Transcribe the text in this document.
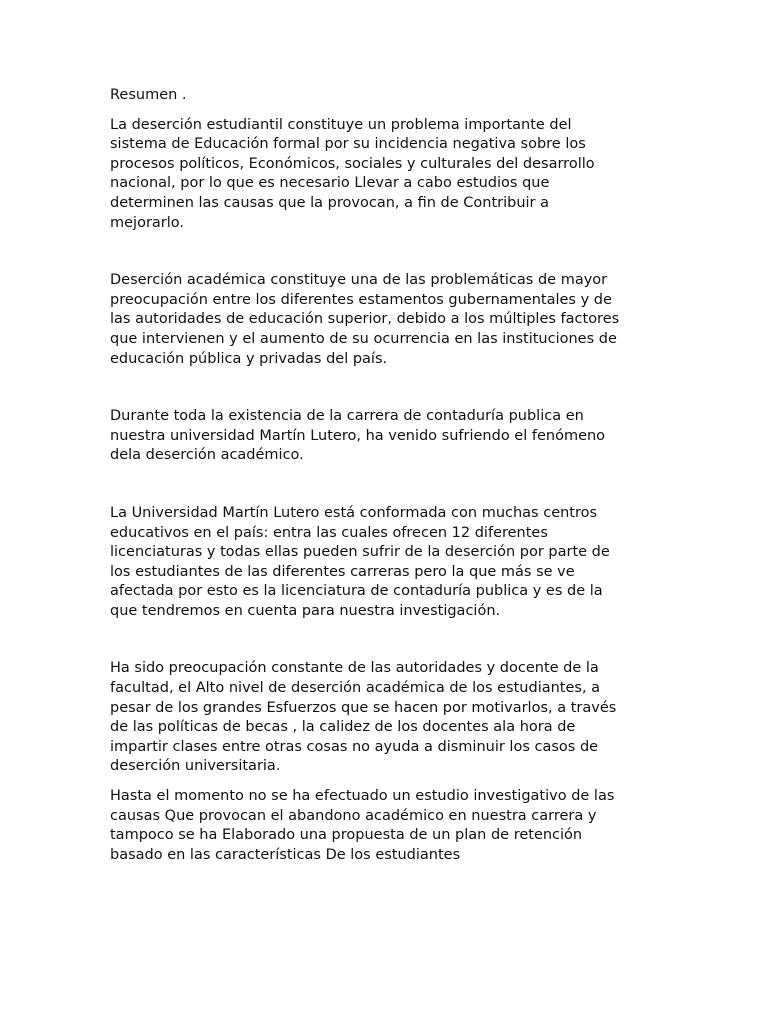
Resumen .

La deserción estudiantil constituye un problema importante del
sistema de Educación formal por su incidencia negativa sobre los
procesos políticos, Económicos, sociales y culturales del desarrollo
nacional, por lo que es necesario Llevar a cabo estudios que
determinen las causas que la provocan, a fin de Contribuir a
mejorarlo.

Deserción académica constituye una de las problemáticas de mayor
preocupación entre los diferentes estamentos gubernamentales y de
las autoridades de educación superior, debido a los múltiples factores
que intervienen y el aumento de su ocurrencia en las instituciones de
educación pública y privadas del país.

Durante toda la existencia de la carrera de contaduría publica en
nuestra universidad Martín Lutero, ha venido sufriendo el fenómeno
dela deserción académico.

La Universidad Martín Lutero está conformada con muchas centros
educativos en el país: entra las cuales ofrecen 12 diferentes
licenciaturas y todas ellas pueden sufrir de la deserción por parte de
los estudiantes de las diferentes carreras pero la que más se ve
afectada por esto es la licenciatura de contaduría publica y es de la
que tendremos en cuenta para nuestra investigación.

Ha sido preocupación constante de las autoridades y docente de la
facultad, el Alto nivel de deserción académica de los estudiantes, a
pesar de los grandes Esfuerzos que se hacen por motivarlos, a través
de las políticas de becas , la calidez de los docentes ala hora de
impartir clases entre otras cosas no ayuda a disminuir los casos de
deserción universitaria.

Hasta el momento no se ha efectuado un estudio investigativo de las
causas Que provocan el abandono académico en nuestra carrera y
tampoco se ha Elaborado una propuesta de un plan de retención
basado en las características De los estudiantes
